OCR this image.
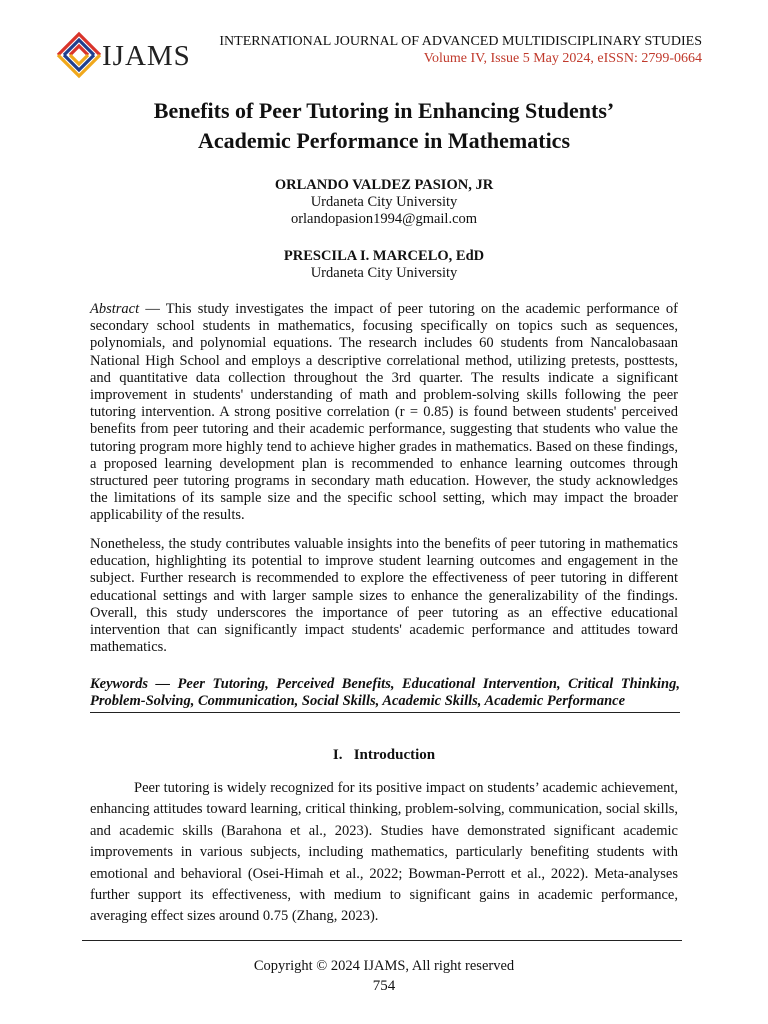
IJAMS INTERNATIONAL JOURNAL OF ADVANCED MULTIDISCIPLINARY STUDIES
Volume IV, Issue 5 May 2024, eISSN: 2799-0664
Benefits of Peer Tutoring in Enhancing Students’
Academic Performance in Mathematics
ORLANDO VALDEZ PASION, JR
Urdaneta City University
orlandopasion1994@gmail.com
PRESCILA I. MARCELO, EdD
Urdaneta City University
Abstract — This study investigates the impact of peer tutoring on the academic performance of secondary school students in mathematics, focusing specifically on topics such as sequences, polynomials, and polynomial equations. The research includes 60 students from Nancalobasaan National High School and employs a descriptive correlational method, utilizing pretests, posttests, and quantitative data collection throughout the 3rd quarter. The results indicate a significant improvement in students' understanding of math and problem-solving skills following the peer tutoring intervention. A strong positive correlation (r = 0.85) is found between students' perceived benefits from peer tutoring and their academic performance, suggesting that students who value the tutoring program more highly tend to achieve higher grades in mathematics. Based on these findings, a proposed learning development plan is recommended to enhance learning outcomes through structured peer tutoring programs in secondary math education. However, the study acknowledges the limitations of its sample size and the specific school setting, which may impact the broader applicability of the results.
Nonetheless, the study contributes valuable insights into the benefits of peer tutoring in mathematics education, highlighting its potential to improve student learning outcomes and engagement in the subject. Further research is recommended to explore the effectiveness of peer tutoring in different educational settings and with larger sample sizes to enhance the generalizability of the findings. Overall, this study underscores the importance of peer tutoring as an effective educational intervention that can significantly impact students' academic performance and attitudes toward mathematics.
Keywords — Peer Tutoring, Perceived Benefits, Educational Intervention, Critical Thinking, Problem-Solving, Communication, Social Skills, Academic Skills, Academic Performance
I.   Introduction
Peer tutoring is widely recognized for its positive impact on students’ academic achievement, enhancing attitudes toward learning, critical thinking, problem-solving, communication, social skills, and academic skills (Barahona et al., 2023). Studies have demonstrated significant academic improvements in various subjects, including mathematics, particularly benefiting students with emotional and behavioral (Osei-Himah et al., 2022; Bowman-Perrott et al., 2022). Meta-analyses further support its effectiveness, with medium to significant gains in academic performance, averaging effect sizes around 0.75 (Zhang, 2023).
Copyright © 2024 IJAMS, All right reserved
754
